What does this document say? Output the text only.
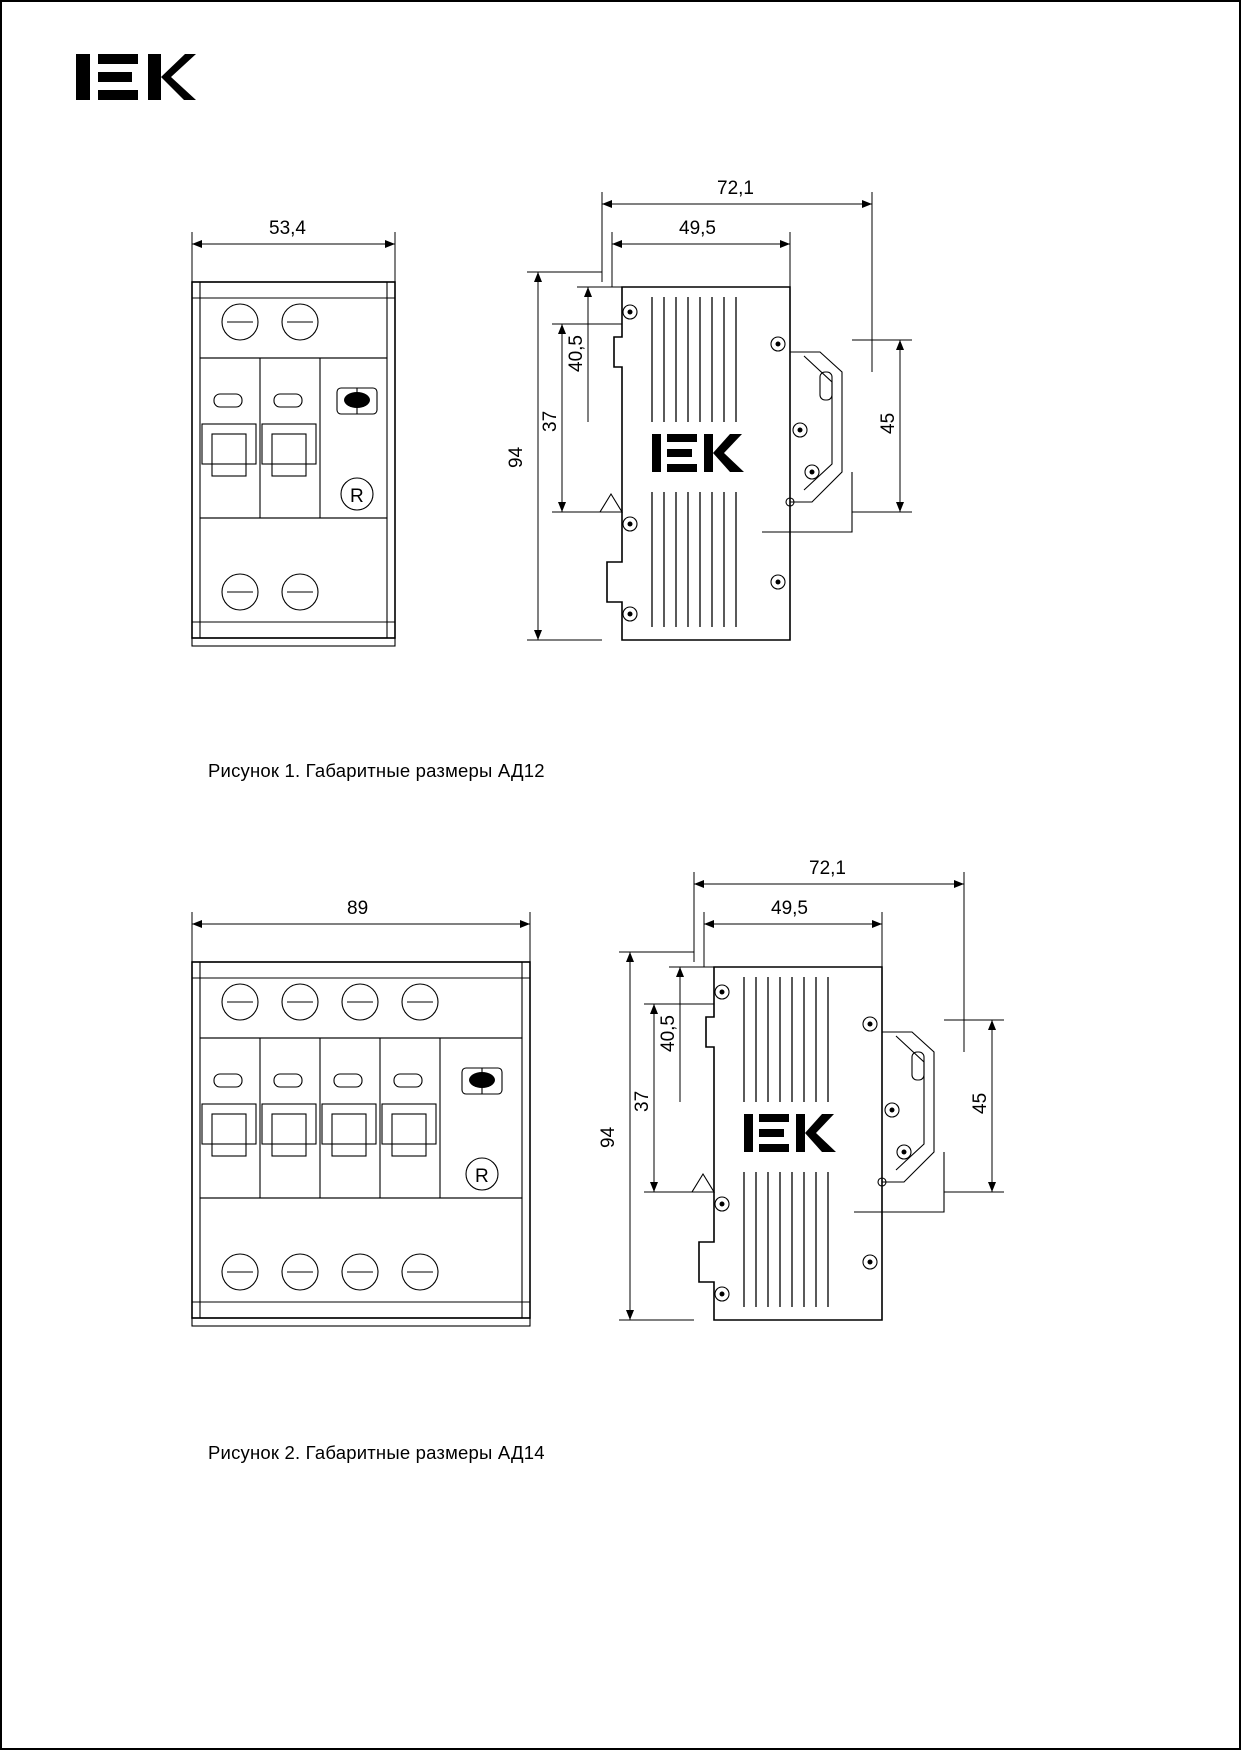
53,4
R
72,1
49,5
94
40,5
37	45
Рисунок 1. Габаритные размеры АД12
89
R
72,1
49,5
94
40,5
37	45
Рисунок 2. Габаритные размеры АД14
